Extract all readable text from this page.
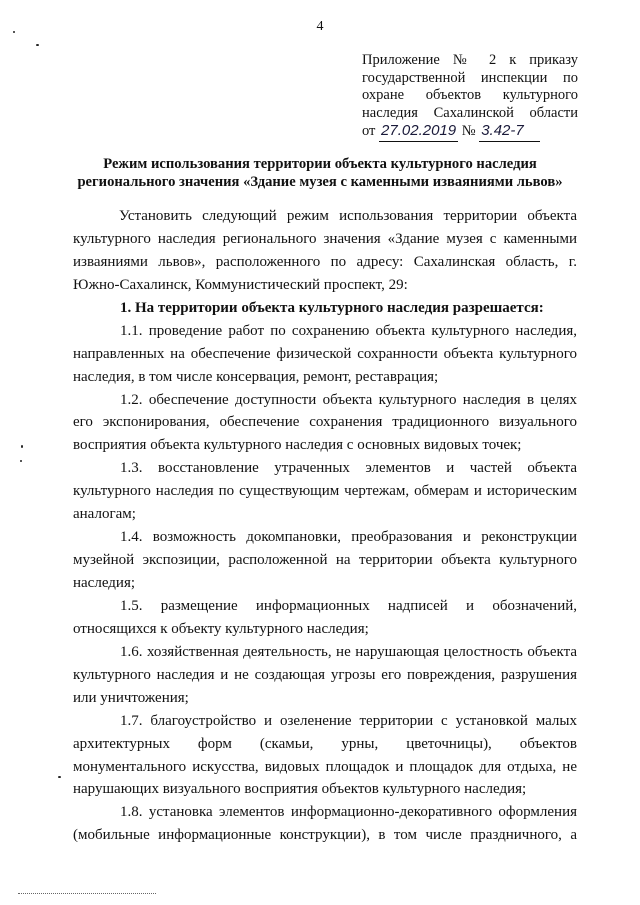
4
Приложение № 2 к приказу
государственной инспекции по
охране объектов культурного
наследия Сахалинской области
от 27.02.2019 № 3.42-7
Режим использования территории объекта культурного наследия
регионального значения «Здание музея с каменными изваяниями львов»
Установить следующий режим использования территории объекта
культурного наследия регионального значения «Здание музея с каменными
изваяниями львов», расположенного по адресу: Сахалинская область, г.
Южно-Сахалинск, Коммунистический проспект, 29:
1. На территории объекта культурного наследия разрешается:
1.1. проведение работ по сохранению объекта культурного наследия,
направленных на обеспечение физической сохранности объекта культурного
наследия, в том числе консервация, ремонт, реставрация;
1.2. обеспечение доступности объекта культурного наследия в целях
его экспонирования, обеспечение сохранения традиционного визуального
восприятия объекта культурного наследия с основных видовых точек;
1.3. восстановление утраченных элементов и частей объекта
культурного наследия по существующим чертежам, обмерам и историческим
аналогам;
1.4. возможность докомпановки, преобразования и реконструкции
музейной экспозиции, расположенной на территории объекта культурного
наследия;
1.5. размещение информационных надписей и обозначений,
относящихся к объекту культурного наследия;
1.6. хозяйственная деятельность, не нарушающая целостность объекта
культурного наследия и не создающая угрозы его повреждения, разрушения
или уничтожения;
1.7. благоустройство и озеленение территории с установкой малых
архитектурных форм (скамьи, урны, цветочницы), объектов
монументального искусства, видовых площадок и площадок для отдыха, не
нарушающих визуального восприятия объектов культурного наследия;
1.8. установка элементов информационно-декоративного оформления
(мобильные информационные конструкции), в том числе праздничного, а
